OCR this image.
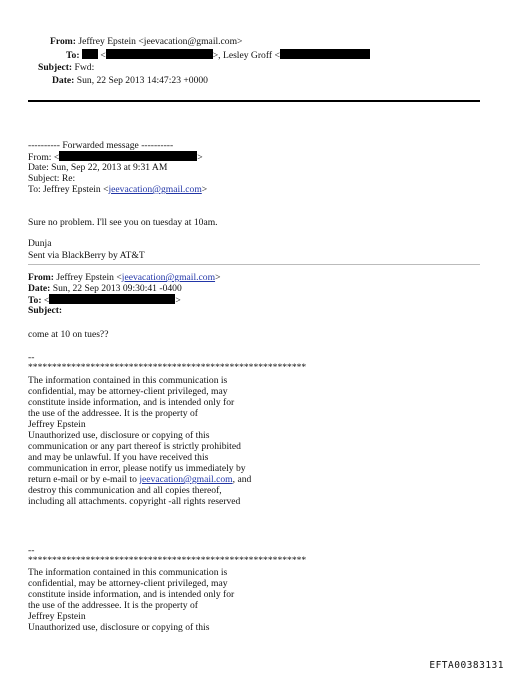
From: Jeffrey Epstein <jeevacation@gmail.com>
To: <	>, Lesley Groff <
Subject: Fwd:
Date: Sun, 22 Sep 2013 14:47:23 +0000
---------- Forwarded message ----------
From: <	>
Date: Sun, Sep 22, 2013 at 9:31 AM
Subject: Re:
To: Jeffrey Epstein <jeevacation@gmail.com>
Sure no problem. I'll see you on tuesday at 10am.
Dunja
Sent via BlackBerry by AT&T
From: Jeffrey Epstein <jeevacation@gmail.com>
Date: Sun, 22 Sep 2013 09:30:41 -0400
To: <	>
Subject:
come at 10 on tues??
--
**********************************************************
The information contained in this communication is
confidential, may be attorney-client privileged, may
constitute inside information, and is intended only for
the use of the addressee. It is the property of
Jeffrey Epstein
Unauthorized use, disclosure or copying of this
communication or any part thereof is strictly prohibited
and may be unlawful. If you have received this
communication in error, please notify us immediately by
return e-mail or by e-mail to jeevacation@gmail.com, and
destroy this communication and all copies thereof,
including all attachments. copyright -all rights reserved
--
**********************************************************
The information contained in this communication is
confidential, may be attorney-client privileged, may
constitute inside information, and is intended only for
the use of the addressee. It is the property of
Jeffrey Epstein
Unauthorized use, disclosure or copying of this
EFTA00383131
